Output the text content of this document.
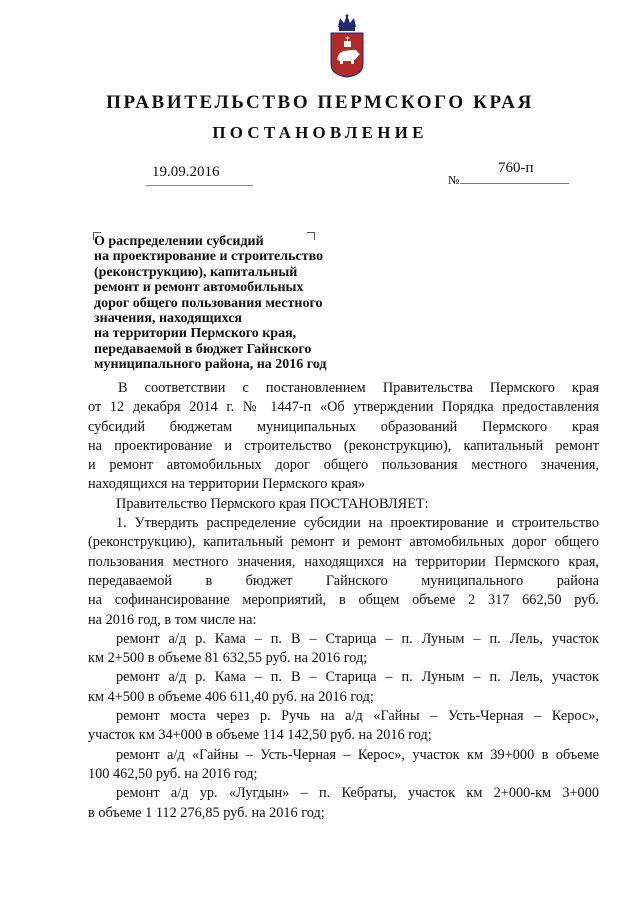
ПРАВИТЕЛЬСТВО ПЕРМСКОГО КРАЯ
ПОСТАНОВЛЕНИЕ
19.09.2016	№
760-п
О распределении субсидий
на проектирование и строительство
(реконструкцию), капитальный
ремонт и ремонт автомобильных
дорог общего пользования местного
значения, находящихся
на территории Пермского края,
передаваемой в бюджет Гайнского
муниципального района, на 2016 год
В соответствии с постановлением Правительства Пермского края
от 12 декабря 2014 г. № 1447-п «Об утверждении Порядка предоставления
субсидий бюджетам муниципальных образований Пермского края
на проектирование и строительство (реконструкцию), капитальный ремонт
и ремонт автомобильных дорог общего пользования местного значения,
находящихся на территории Пермского края»
Правительство Пермского края ПОСТАНОВЛЯЕТ:
1. Утвердить распределение субсидии на проектирование и строительство
(реконструкцию), капитальный ремонт и ремонт автомобильных дорог общего
пользования местного значения, находящихся на территории Пермского края,
передаваемой в бюджет Гайнского муниципального района
на софинансирование мероприятий, в общем объеме 2 317 662,50 руб.
на 2016 год, в том числе на:
ремонт а/д р. Кама – п. В – Старица – п. Луным – п. Лель, участок
км 2+500 в объеме 81 632,55 руб. на 2016 год;
ремонт а/д р. Кама – п. В – Старица – п. Луным – п. Лель, участок
км 4+500 в объеме 406 611,40 руб. на 2016 год;
ремонт моста через р. Ручь на а/д «Гайны – Усть-Черная – Керос»,
участок км 34+000 в объеме 114 142,50 руб. на 2016 год;
ремонт а/д «Гайны – Усть-Черная – Керос», участок км 39+000 в объеме
100 462,50 руб. на 2016 год;
ремонт а/д ур. «Лугдын» – п. Кебраты, участок км 2+000-км 3+000
в объеме 1 112 276,85 руб. на 2016 год;
